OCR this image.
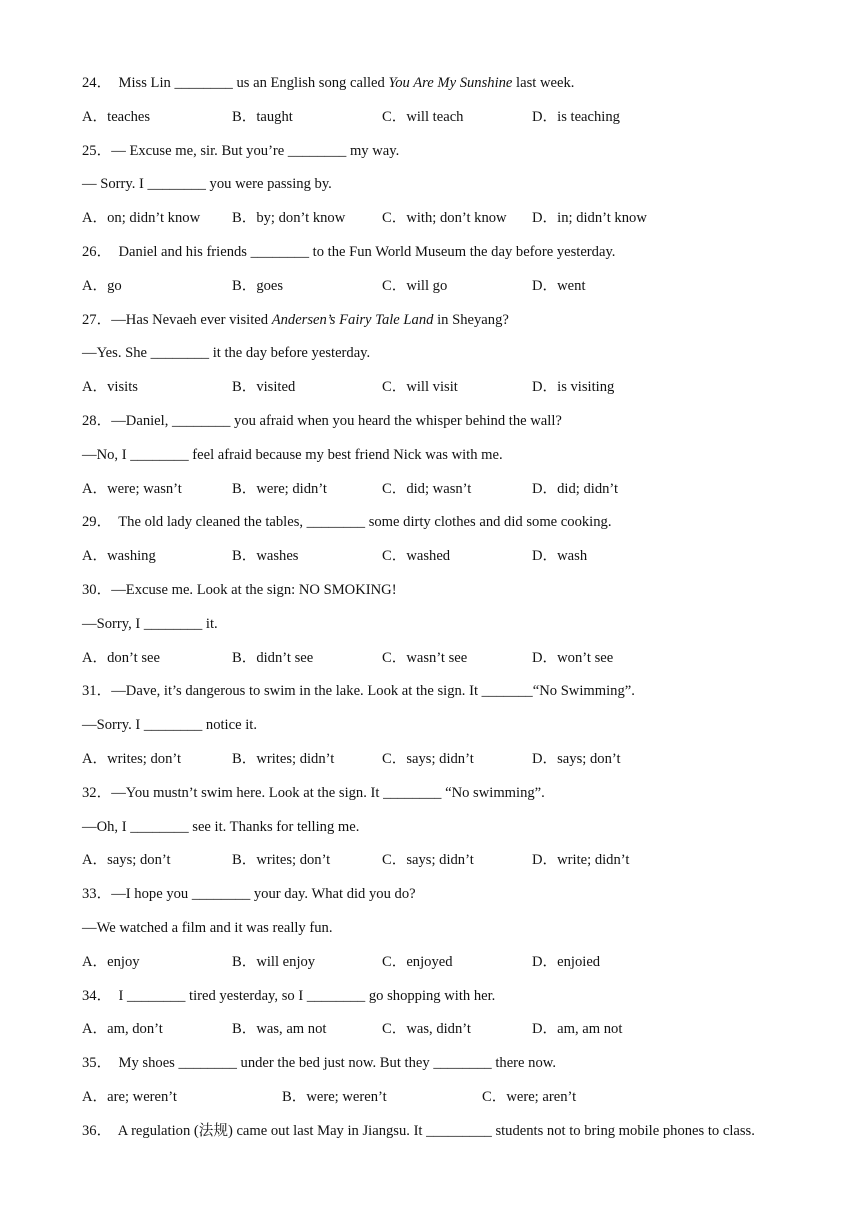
24．  Miss Lin ________ us an English song called You Are My Sunshine last week.
A．teaches	B．taught	C．will teach	D．is teaching
25．— Excuse me, sir. But you’re ________ my way.
— Sorry. I ________ you were passing by.
A．on; didn’t know B．by; don’t know	C．with; don’t know D．in; didn’t know
26．  Daniel and his friends ________ to the Fun World Museum the day before yesterday.
A．go	B．goes	C．will go	D．went
27．—Has Nevaeh ever visited Andersen’s Fairy Tale Land in Sheyang?
—Yes. She ________ it the day before yesterday.
A．visits	B．visited	C．will visit	D．is visiting
28．—Daniel, ________ you afraid when you heard the whisper behind the wall?
—No, I ________ feel afraid because my best friend Nick was with me.
A．were; wasn’t	B．were; didn’t	C．did; wasn’t	D．did; didn’t
29．  The old lady cleaned the tables, ________ some dirty clothes and did some cooking.
A．washing	B．washes	C．washed	D．wash
30．—Excuse me. Look at the sign: NO SMOKING!
—Sorry, I ________ it.
A．don’t see	B．didn’t see	C．wasn’t see	D．won’t see
31．—Dave, it’s dangerous to swim in the lake. Look at the sign. It _______“No Swimming”.
—Sorry. I ________ notice it.
A．writes; don’t	B．writes; didn’t	C．says; didn’t	D．says; don’t
32．—You mustn’t swim here. Look at the sign. It ________ “No swimming”.
—Oh, I ________ see it. Thanks for telling me.
A．says; don’t	B．writes; don’t	C．says; didn’t	D．write; didn’t
33．—I hope you ________ your day. What did you do?
—We watched a film and it was really fun.
A．enjoy	B．will enjoy	C．enjoyed	D．enjoied
34．  I ________ tired yesterday, so I ________ go shopping with her.
A．am, don’t	B．was, am not	C．was, didn’t	D．am, am not
35．  My shoes ________ under the bed just now. But they ________ there now.
A．are; weren’t	B．were; weren’t	C．were; aren’t
36．  A regulation (法规) came out last May in Jiangsu. It _________ students not to bring mobile phones to class.
